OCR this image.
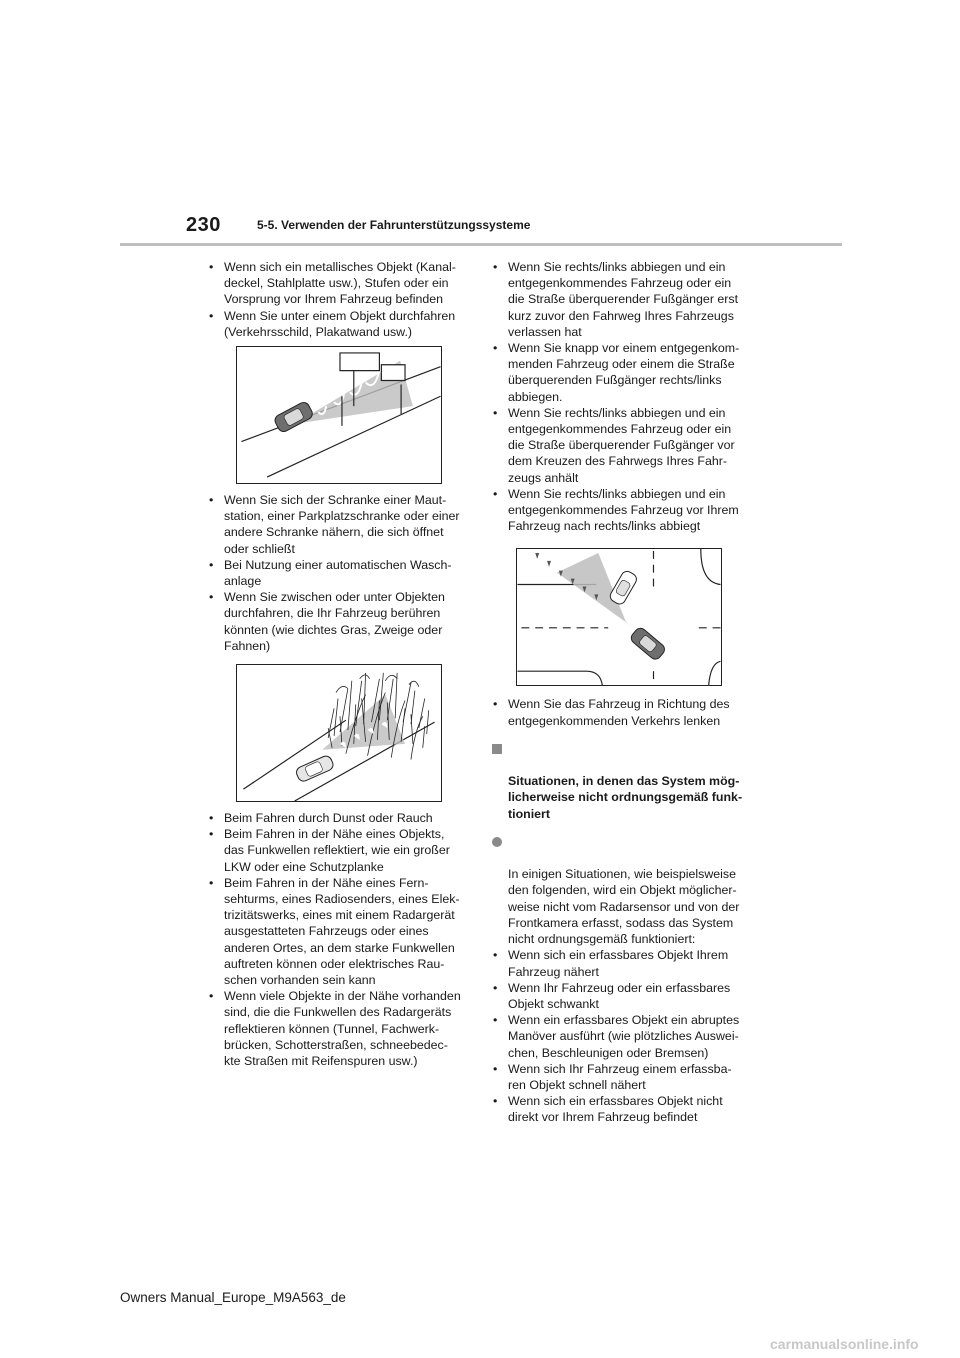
230	5-5. Verwenden der Fahrunterstützungssysteme
• Wenn sich ein metallisches Objekt (Kanal-
deckel, Stahlplatte usw.), Stufen oder ein
Vorsprung vor Ihrem Fahrzeug befinden
• Wenn Sie unter einem Objekt durchfahren
(Verkehrsschild, Plakatwand usw.)
• Wenn Sie sich der Schranke einer Maut-
station, einer Parkplatzschranke oder einer
andere Schranke nähern, die sich öffnet
oder schließt
• Bei Nutzung einer automatischen Wasch-
anlage
• Wenn Sie zwischen oder unter Objekten
durchfahren, die Ihr Fahrzeug berühren
könnten (wie dichtes Gras, Zweige oder
Fahnen)
• Beim Fahren durch Dunst oder Rauch
• Beim Fahren in der Nähe eines Objekts,
das Funkwellen reflektiert, wie ein großer
LKW oder eine Schutzplanke
• Beim Fahren in der Nähe eines Fern-
sehturms, eines Radiosenders, eines Elek-
trizitätswerks, eines mit einem Radargerät
ausgestatteten Fahrzeugs oder eines
anderen Ortes, an dem starke Funkwellen
auftreten können oder elektrisches Rau-
schen vorhanden sein kann
• Wenn viele Objekte in der Nähe vorhanden
sind, die die Funkwellen des Radargeräts
reflektieren können (Tunnel, Fachwerk-
brücken, Schotterstraßen, schneebedec-
kte Straßen mit Reifenspuren usw.)
• Wenn Sie rechts/links abbiegen und ein
entgegenkommendes Fahrzeug oder ein
die Straße überquerender Fußgänger erst
kurz zuvor den Fahrweg Ihres Fahrzeugs
verlassen hat
• Wenn Sie knapp vor einem entgegenkom-
menden Fahrzeug oder einem die Straße
überquerenden Fußgänger rechts/links
abbiegen.
• Wenn Sie rechts/links abbiegen und ein
entgegenkommendes Fahrzeug oder ein
die Straße überquerender Fußgänger vor
dem Kreuzen des Fahrwegs Ihres Fahr-
zeugs anhält
• Wenn Sie rechts/links abbiegen und ein
entgegenkommendes Fahrzeug vor Ihrem
Fahrzeug nach rechts/links abbiegt
• Wenn Sie das Fahrzeug in Richtung des
entgegenkommenden Verkehrs lenken

Situationen, in denen das System mög-
licherweise nicht ordnungsgemäß funk-
tioniert

In einigen Situationen, wie beispielsweise
den folgenden, wird ein Objekt möglicher-
weise nicht vom Radarsensor und von der
Frontkamera erfasst, sodass das System
nicht ordnungsgemäß funktioniert:

• Wenn sich ein erfassbares Objekt Ihrem
Fahrzeug nähert
• Wenn Ihr Fahrzeug oder ein erfassbares
Objekt schwankt
• Wenn ein erfassbares Objekt ein abruptes
Manöver ausführt (wie plötzliches Auswei-
chen, Beschleunigen oder Bremsen)
• Wenn sich Ihr Fahrzeug einem erfassba-
ren Objekt schnell nähert
• Wenn sich ein erfassbares Objekt nicht
direkt vor Ihrem Fahrzeug befindet
Owners Manual_Europe_M9A563_de
carmanualsonline.info
